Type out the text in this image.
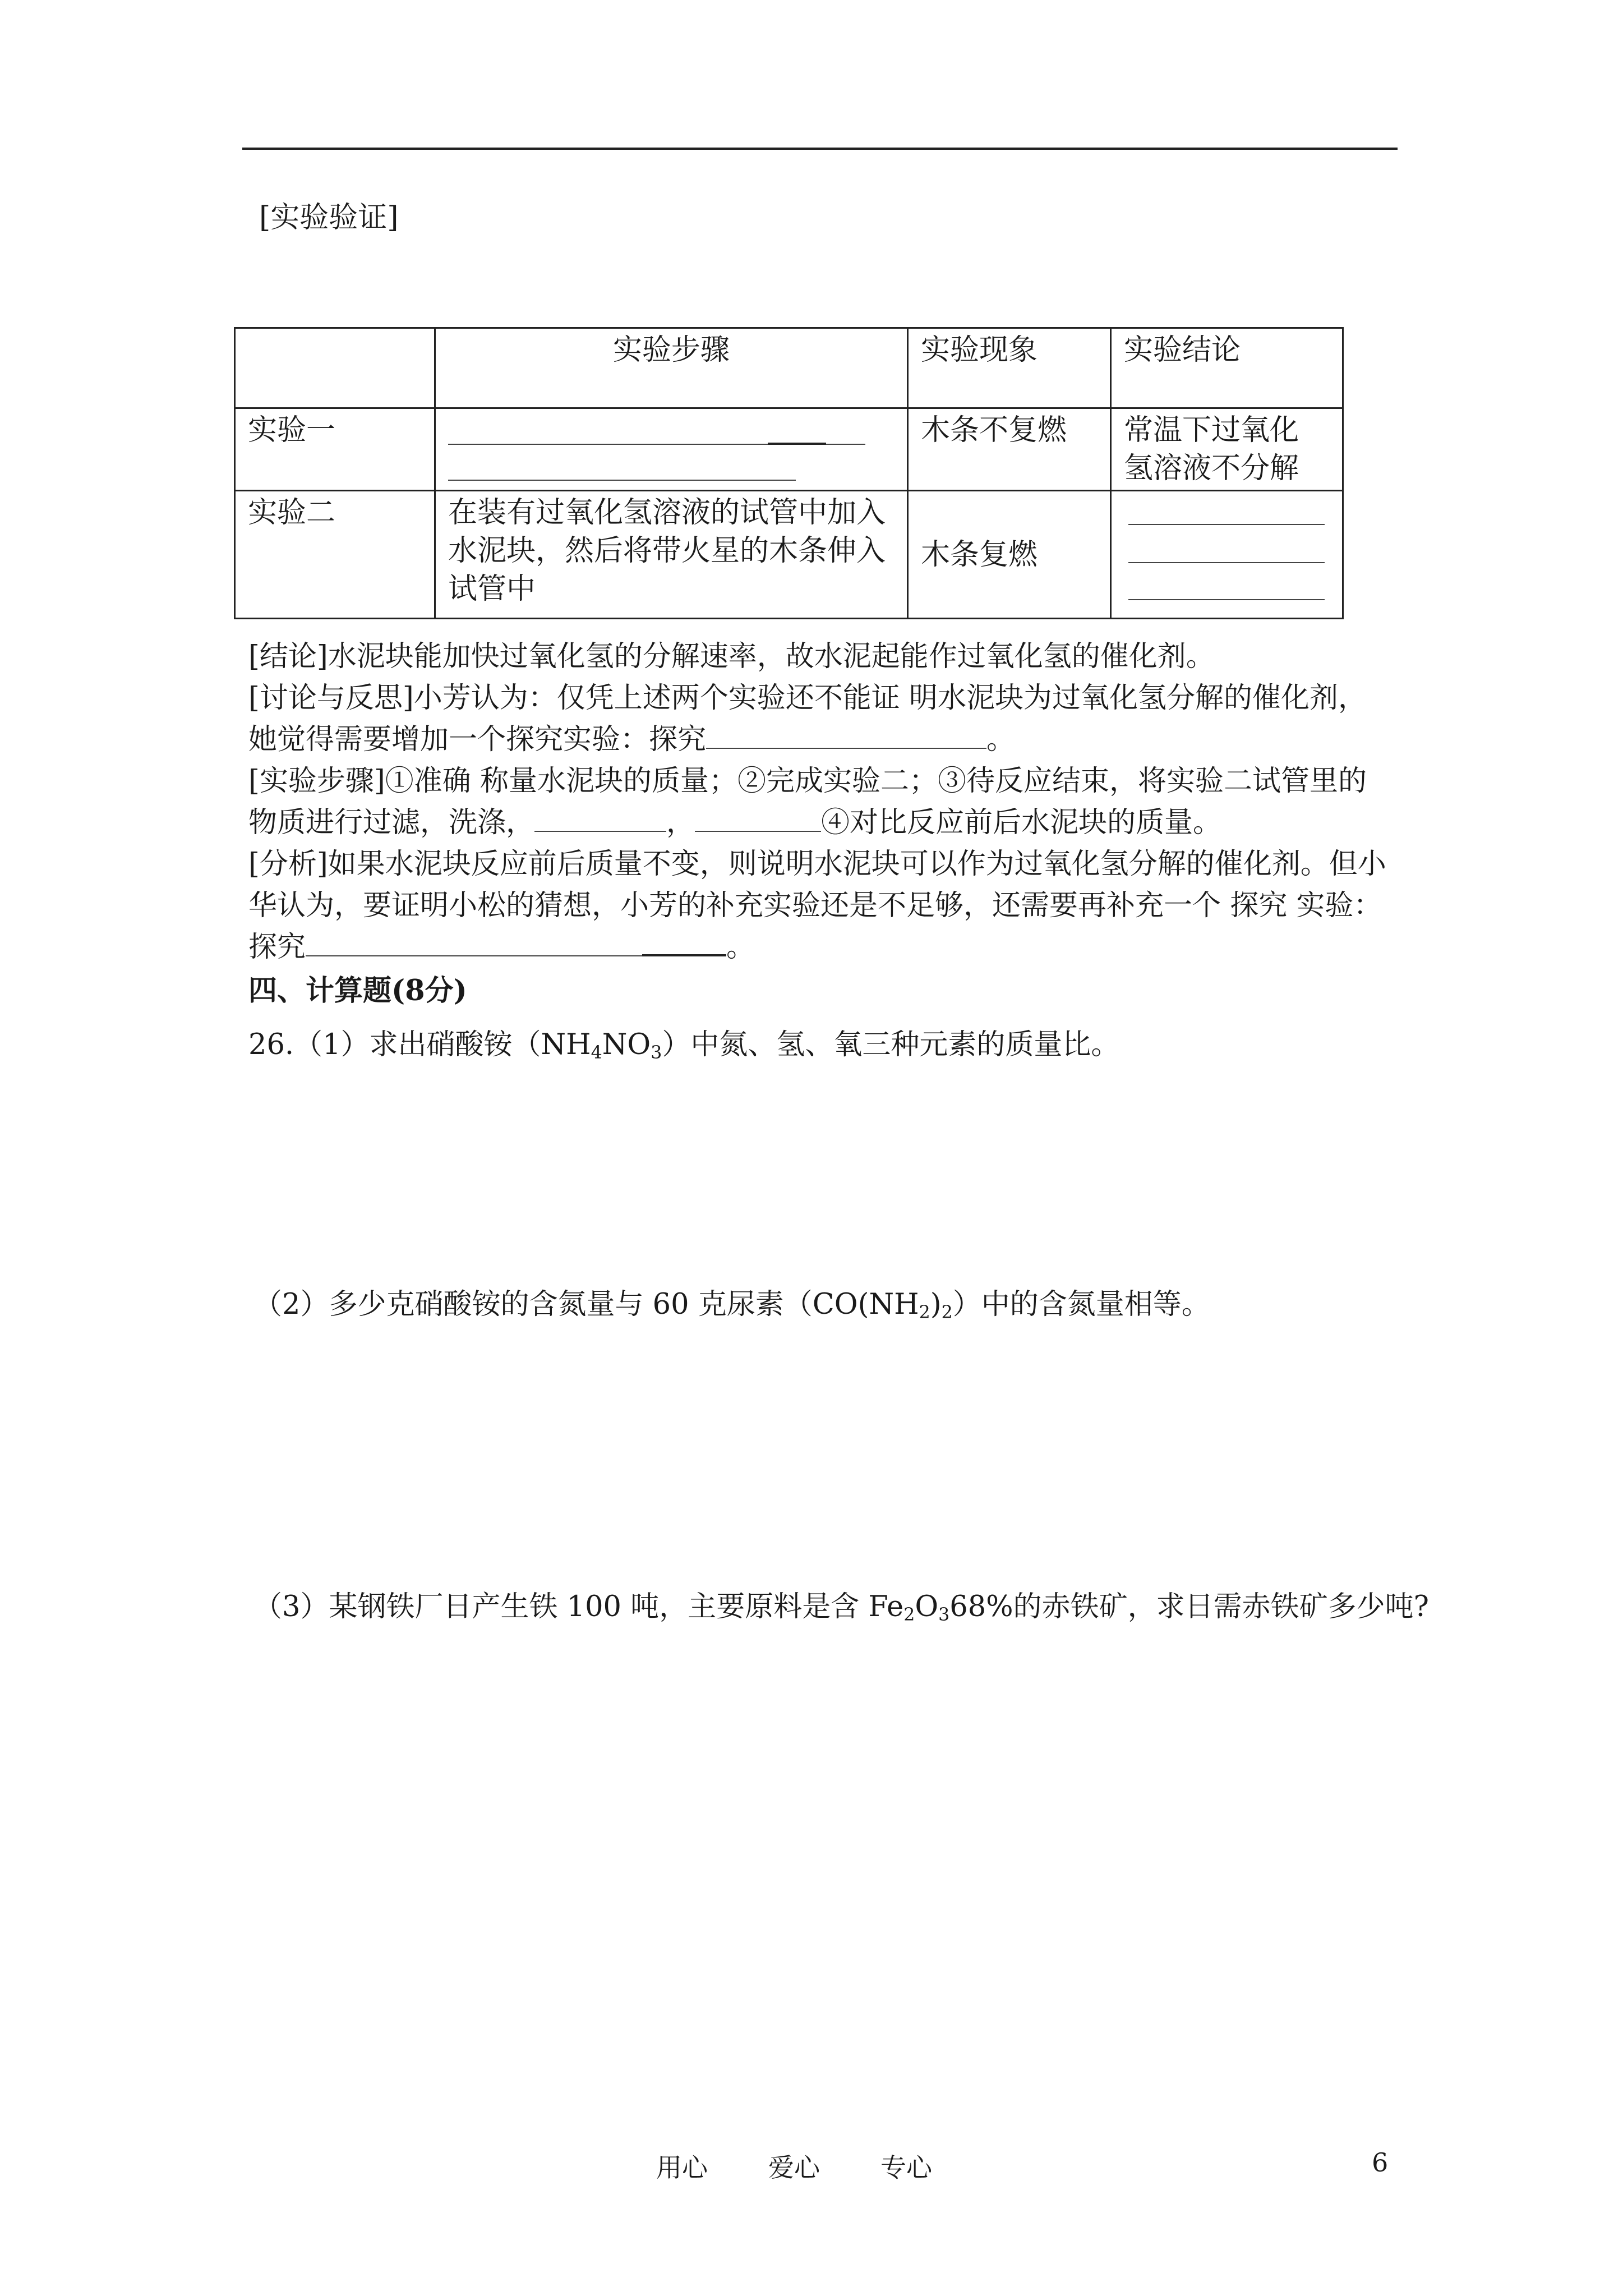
[实验验证]
	实验步骤	实验现象	实验结论
实验一		木条不复燃	常温下过氧化
氢溶液不分解

实验二	在装有过氧化氢溶液的试管中加入
水泥块，然后将带火星的木条伸入
试管中	木条复燃	
[结论]水泥块能加快过氧化氢的分解速率，故水泥起能作过氧化氢的催化剂。
[讨论与反思]小芳认为：仅凭上述两个实验还不能证 明水泥块为过氧化氢分解的催化剂，
她觉得需要增加一个探究实验：探究	。
[实验步骤]①准确 称量水泥块的质量；②完成实验二；③待反应结束，将实验二试管里的
物质进行过滤，洗涤，	，	④对比反应前后水泥块的质量。
[分析]如果水泥块反应前后质量不变，则说明水泥块可以作为过氧化氢分解的催化剂。但小
华认为，要证明小松的猜想，小芳的补充实验还是不足够，还需要再补充一个 探究 实验：
探究	。
四、计算题(8分)
26.（1）求出硝酸铵$(NH_4NO_3)$中氮、氢、氧三种元素的质量比。
（2）多少克硝酸铵的含氮量与 60 克尿素$(CO(NH_2)_2)$中的含氮量相等。
（3）某钢铁厂日产生铁 100 吨，主要原料是含 $Fe_2O_368\%$的赤铁矿，求日需赤铁矿多少吨?
用心 爱心 专心	6
